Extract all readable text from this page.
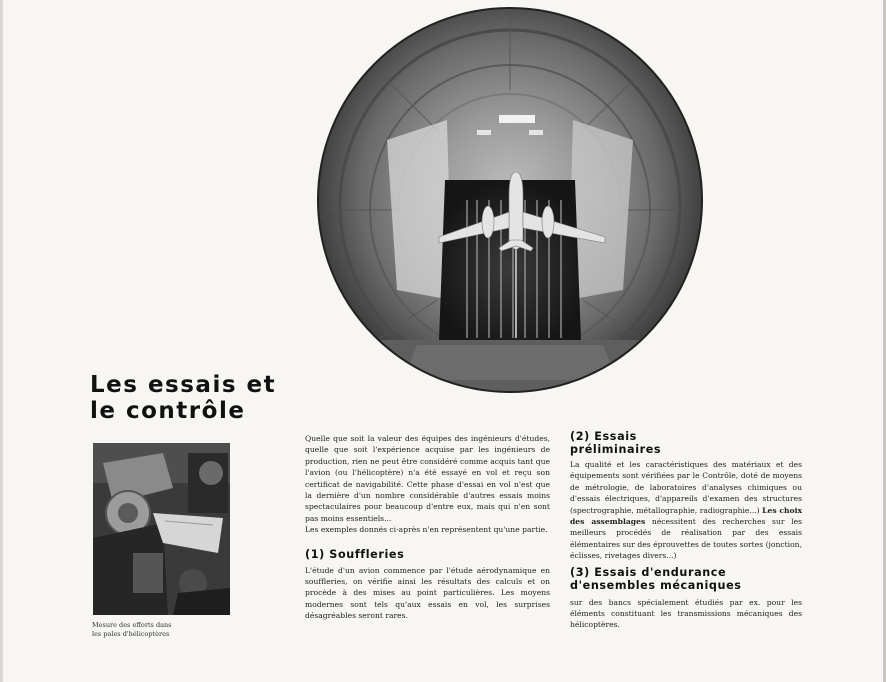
Les essais et
le contrôle

Mesure des efforts dans
les pales d'hélicoptères

Quelle que soit la valeur des équipes des ingénieurs d'études, quelle que soit l'expérience acquise par les ingénieurs de production, rien ne peut être considéré comme acquis tant que l'avion (ou l'hélicoptère) n'a été essayé en vol et reçu son certificat de navigabilité. Cette phase d'essai en vol n'est que la dernière d'un nombre considérable d'autres essais moins spectaculaires pour beaucoup d'entre eux, mais qui n'en sont pas moins essentiels...

Les exemples donnés ci-après n'en représentent qu'une partie.

(1) Souffleries

L'étude d'un avion commence par l'étude aérodynamique en souffleries, on vérifie ainsi les résultats des calculs et on procède à des mises au point particulières. Les moyens modernes sont tels qu'aux essais en vol, les surprises désagréables seront rares.

(2) Essais
préliminaires

La qualité et les caractéristiques des matériaux et des équipements sont vérifiées par le Contrôle, doté de moyens de métrologie, de laboratoires d'analyses chimiques ou d'essais électriques, d'appareils d'examen des structures (spectrographie, métallographie, radiographie...) Les choix des assemblages nécessitent des recherches sur les meilleurs procédés de réalisation par des essais élémentaires sur des éprouvettes de toutes sortes (jonction, éclisses, rivetages divers...)

(3) Essais d'endurance
d'ensembles mécaniques

sur des bancs spécialement étudiés par ex. pour les éléments constituant les transmissions mécaniques des hélicoptères.
